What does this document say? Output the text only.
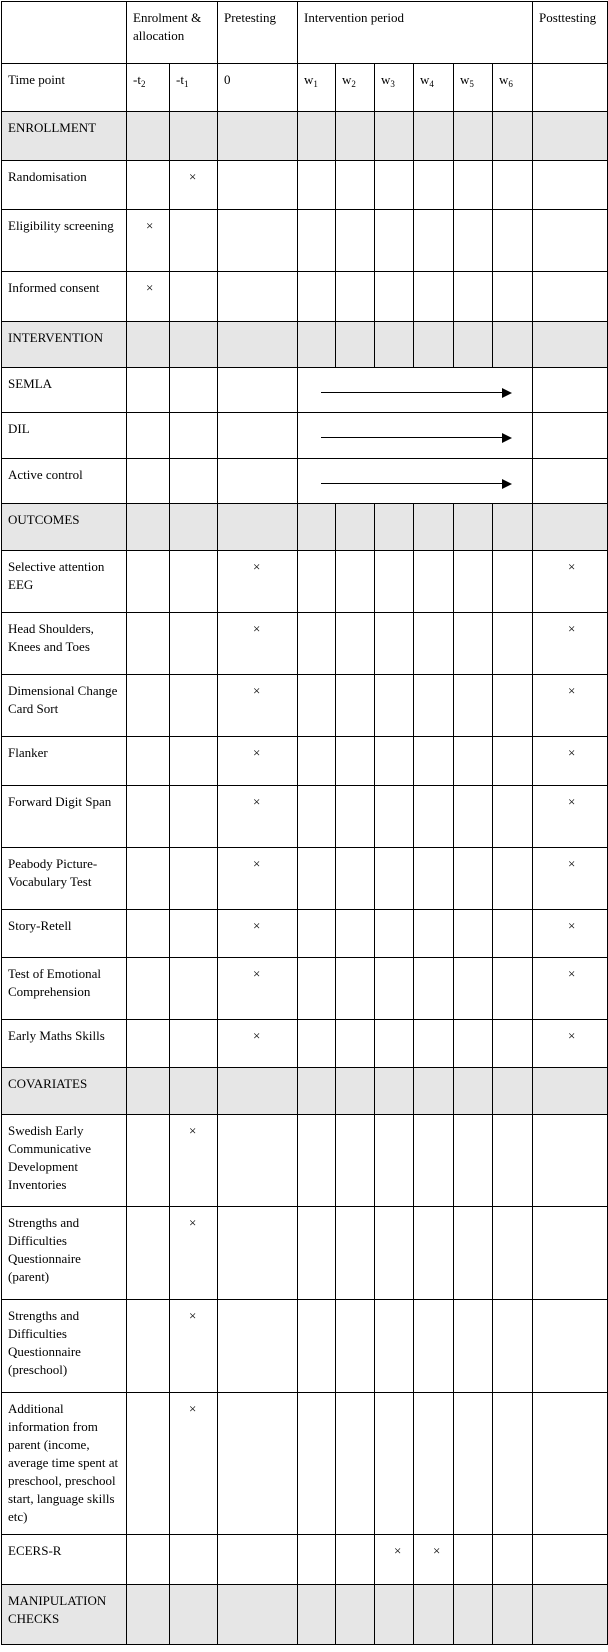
	Enrolment & allocation		Pretesting	Intervention period						Posttesting
Time point	$-t_2$	$-t_1$	0	$w_1$	$w_2$	$w_3$	$w_4$	$w_5$	$w_6$	
ENROLLMENT										
Randomisation		×								
Eligibility screening	×									
Informed consent	×									
INTERVENTION										
SEMLA									

DIL									

Active control									

OUTCOMES										
Selective attention EEG			×							×
Head Shoulders, Knees and Toes			×							×
Dimensional Change Card Sort			×							×
Flanker			×							×
Forward Digit Span			×							×
Peabody Picture-Vocabulary Test			×							×
Story-Retell			×							×
Test of Emotional Comprehension			×							×
Early Maths Skills			×							×
COVARIATES										
Swedish Early Communicative Development Inventories		×								
Strengths and Difficulties Questionnaire (parent)		×								
Strengths and Difficulties Questionnaire (preschool)		×								
Additional information from parent (income, average time spent at preschool, preschool start, language skills etc)		×								
ECERS-R						×	×			
MANIPULATION CHECKS										
